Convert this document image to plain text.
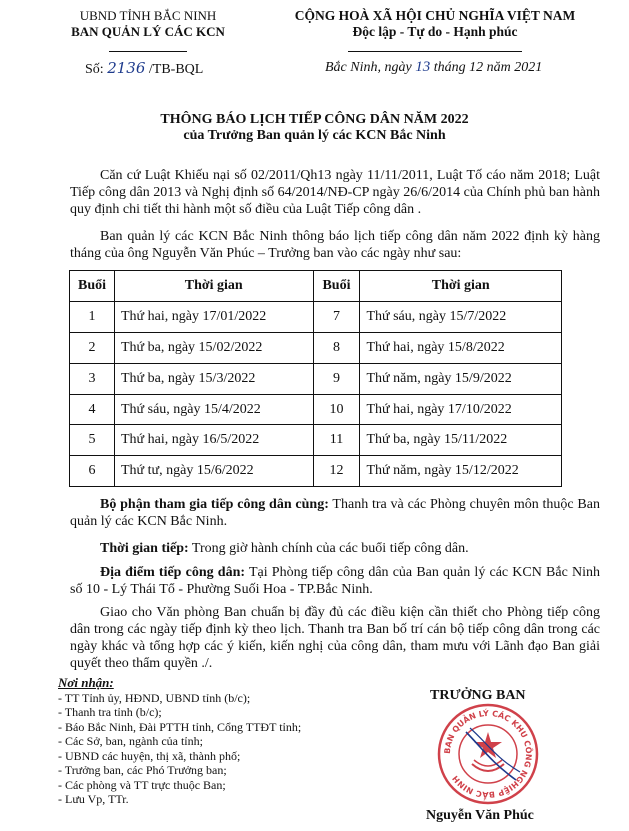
UBND TỈNH BẮC NINH
BAN QUẢN LÝ CÁC KCN
CỘNG HOÀ XÃ HỘI CHỦ NGHĨA VIỆT NAM
Độc lập - Tự do - Hạnh phúc
Số: 2136 /TB-BQL	Bắc Ninh, ngày 13 tháng 12 năm 2021
THÔNG BÁO LỊCH TIẾP CÔNG DÂN NĂM 2022
của Trưởng Ban quản lý các KCN Bắc Ninh
Căn cứ Luật Khiếu nại số 02/2011/Qh13 ngày 11/11/2011, Luật Tố cáo năm 2018; Luật Tiếp công dân 2013 và Nghị định số 64/2014/NĐ-CP ngày 26/6/2014 của Chính phủ ban hành quy định chi tiết thi hành một số điều của Luật Tiếp công dân .
Ban quản lý các KCN Bắc Ninh thông báo lịch tiếp công dân năm 2022 định kỳ hàng tháng của ông Nguyễn Văn Phúc – Trưởng ban vào các ngày như sau:
Buổi	Thời gian	Buổi	Thời gian
1	Thứ hai, ngày 17/01/2022	7	Thứ sáu, ngày 15/7/2022
2	Thứ ba, ngày 15/02/2022	8	Thứ hai, ngày 15/8/2022
3	Thứ ba, ngày 15/3/2022	9	Thứ năm, ngày 15/9/2022
4	Thứ sáu, ngày 15/4/2022	10	Thứ hai, ngày 17/10/2022
5	Thứ hai, ngày 16/5/2022	11	Thứ ba, ngày 15/11/2022
6	Thứ tư, ngày 15/6/2022	12	Thứ năm, ngày 15/12/2022
Bộ phận tham gia tiếp công dân cùng: Thanh tra và các Phòng chuyên môn thuộc Ban quản lý các KCN Bắc Ninh.
Thời gian tiếp: Trong giờ hành chính của các buổi tiếp công dân.
Địa điểm tiếp công dân: Tại Phòng tiếp công dân của Ban quản lý các KCN Bắc Ninh số 10 - Lý Thái Tổ - Phường Suối Hoa - TP.Bắc Ninh.
Giao cho Văn phòng Ban chuẩn bị đầy đủ các điều kiện cần thiết cho Phòng tiếp công dân trong các ngày tiếp định kỳ theo lịch. Thanh tra Ban bố trí cán bộ tiếp công dân trong các ngày khác và tổng hợp các ý kiến, kiến nghị của công dân, tham mưu với Lãnh đạo Ban giải quyết theo thẩm quyền ./.
Nơi nhận:
- TT Tỉnh ủy, HĐND, UBND tỉnh (b/c);
- Thanh tra tỉnh (b/c);
- Báo Bắc Ninh, Đài PTTH tỉnh, Cổng TTĐT tỉnh;
- Các Sở, ban, ngành của tỉnh;
- UBND các huyện, thị xã, thành phố;
- Trưởng ban, các Phó Trưởng ban;
- Các phòng và TT trực thuộc Ban;
- Lưu Vp, TTr.
TRƯỞNG BAN
BAN QUẢN LÝ CÁC KHU CÔNG NGHIỆP BẮC NINH
Nguyễn Văn Phúc
